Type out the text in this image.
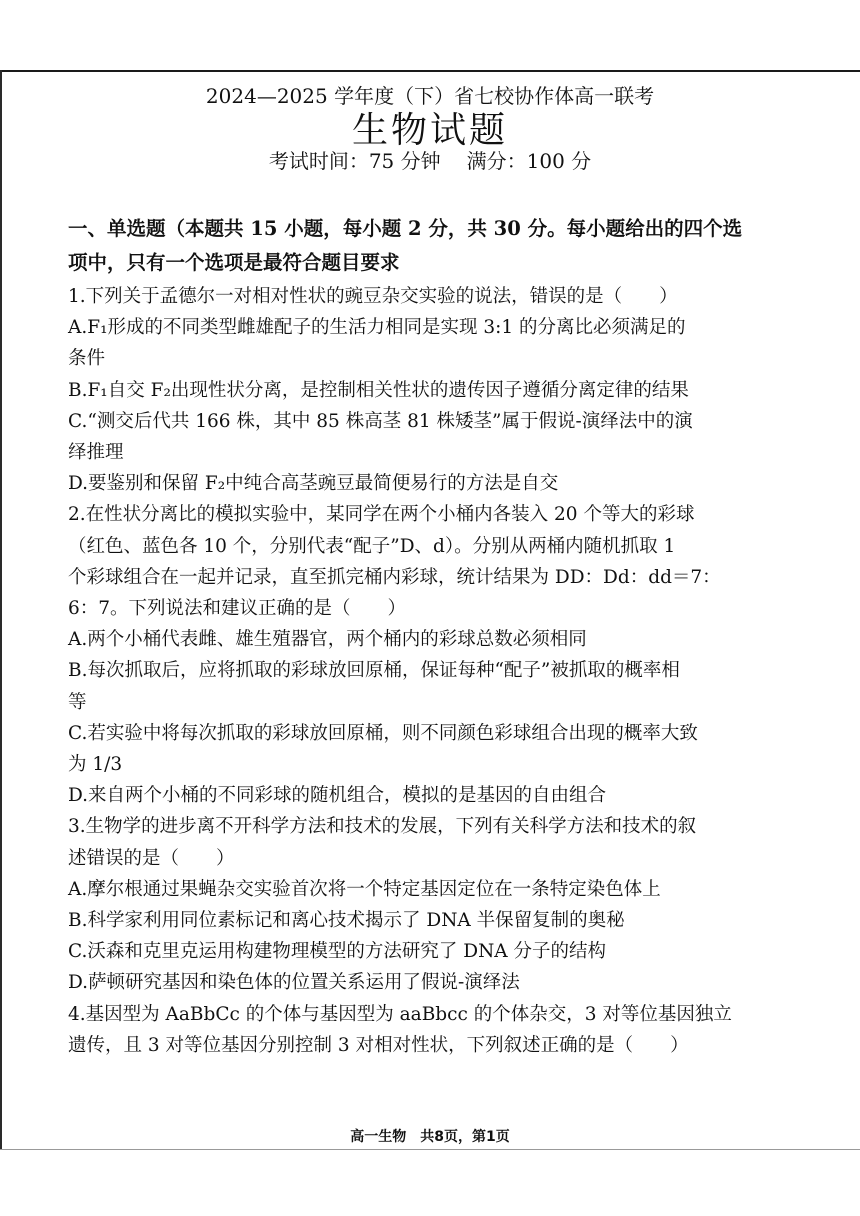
2024—2025 学年度（下）省七校协作体高一联考
生物试题
考试时间：75 分钟 满分：100 分
一、单选题（本题共 15 小题，每小题 2 分，共 30 分。每小题给出的四个选项中，只有一个选项是最符合题目要求
1.下列关于孟德尔一对相对性状的豌豆杂交实验的说法，错误的是（　　）
A.F₁形成的不同类型雌雄配子的生活力相同是实现 3:1 的分离比必须满足的
条件
B.F₁自交 F₂出现性状分离，是控制相关性状的遗传因子遵循分离定律的结果
C.“测交后代共 166 株，其中 85 株高茎 81 株矮茎”属于假说-演绎法中的演
绎推理
D.要鉴别和保留 F₂中纯合高茎豌豆最简便易行的方法是自交
2.在性状分离比的模拟实验中，某同学在两个小桶内各装入 20 个等大的彩球
（红色、蓝色各 10 个，分别代表“配子”D、d）。分别从两桶内随机抓取 1
个彩球组合在一起并记录，直至抓完桶内彩球，统计结果为 DD：Dd：dd＝7：
6：7。下列说法和建议正确的是（　　）
A.两个小桶代表雌、雄生殖器官，两个桶内的彩球总数必须相同
B.每次抓取后，应将抓取的彩球放回原桶，保证每种“配子”被抓取的概率相
等
C.若实验中将每次抓取的彩球放回原桶，则不同颜色彩球组合出现的概率大致
为 1/3
D.来自两个小桶的不同彩球的随机组合，模拟的是基因的自由组合
3.生物学的进步离不开科学方法和技术的发展，下列有关科学方法和技术的叙
述错误的是（　　）
A.摩尔根通过果蝇杂交实验首次将一个特定基因定位在一条特定染色体上
B.科学家利用同位素标记和离心技术揭示了 DNA 半保留复制的奥秘
C.沃森和克里克运用构建物理模型的方法研究了 DNA 分子的结构
D.萨顿研究基因和染色体的位置关系运用了假说-演绎法
4.基因型为 AaBbCc 的个体与基因型为 aaBbcc 的个体杂交，3 对等位基因独立
遗传，且 3 对等位基因分别控制 3 对相对性状，下列叙述正确的是（　　）
高一生物　共8页，第1页
